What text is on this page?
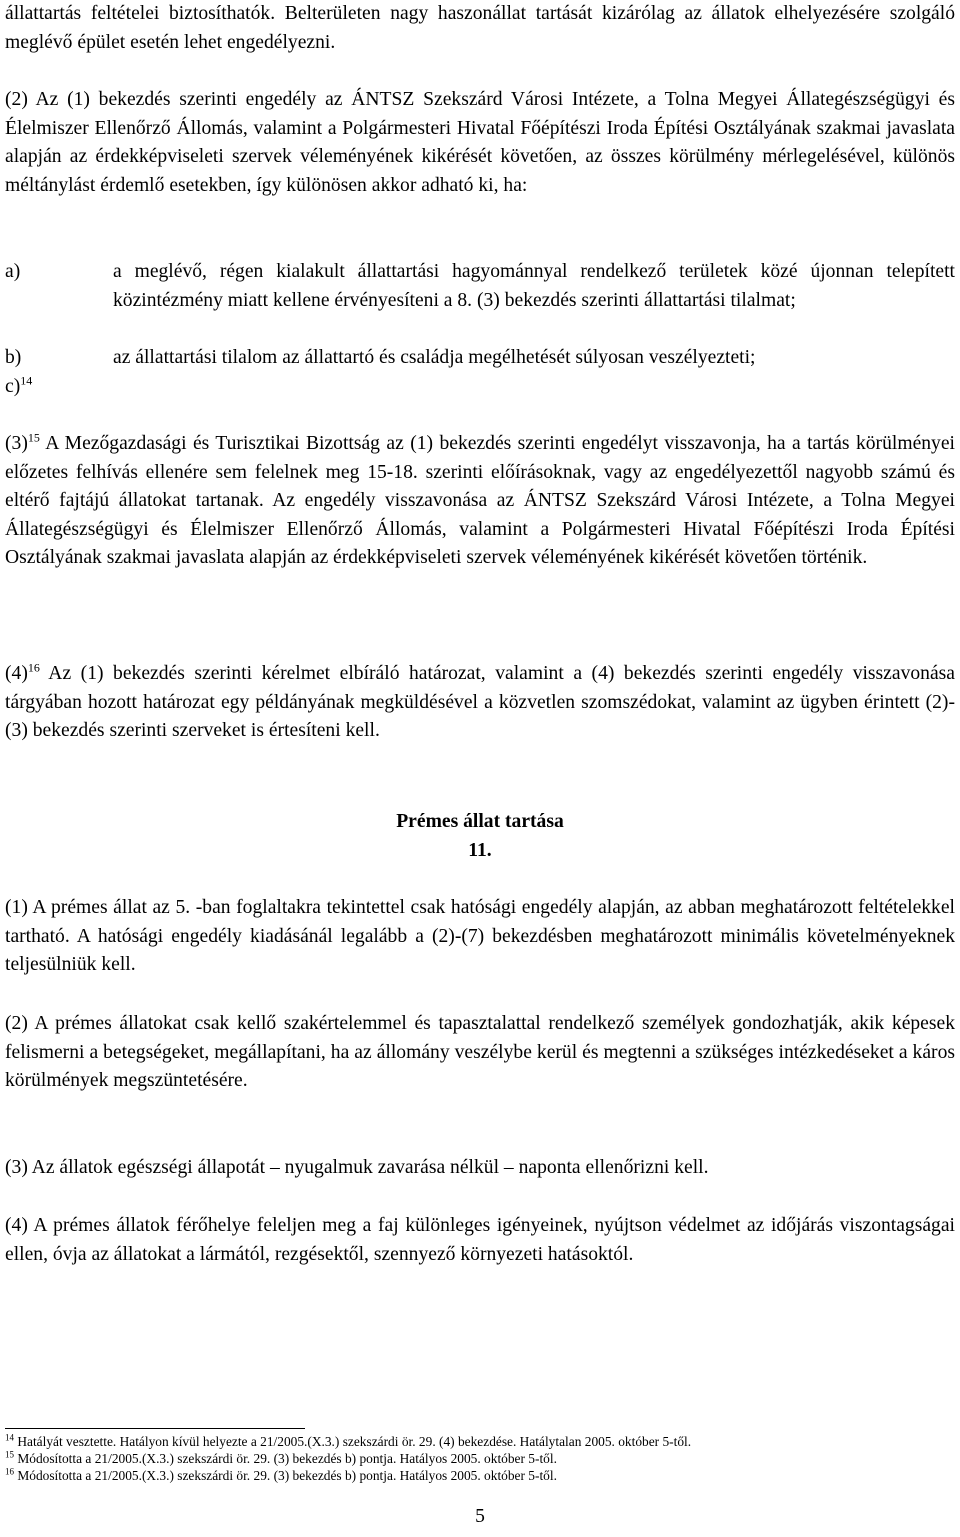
állattartás feltételei biztosíthatók. Belterületen nagy haszonállat tartását kizárólag az állatok elhelyezésére szolgáló meglévő épület esetén lehet engedélyezni.

(2) Az (1) bekezdés szerinti engedély az ÁNTSZ Szekszárd Városi Intézete, a Tolna Megyei Állategészségügyi és Élelmiszer Ellenőrző Állomás, valamint a Polgármesteri Hivatal Főépítészi Iroda Építési Osztályának szakmai javaslata alapján az érdekképviseleti szervek véleményének kikérését követően, az összes körülmény mérlegelésével, különös méltánylást érdemlő esetekben, így különösen akkor adható ki, ha:

a)	a meglévő, régen kialakult állattartási hagyománnyal rendelkező területek közé újonnan telepített közintézmény miatt kellene érvényesíteni a 8. (3) bekezdés szerinti állattartási tilalmat;
b)	az állattartási tilalom az állattartó és családja megélhetését súlyosan veszélyezteti;
c)$^{14}$

$(3)^{15}$ A Mezőgazdasági és Turisztikai Bizottság az (1) bekezdés szerinti engedélyt visszavonja, ha a tartás körülményei előzetes felhívás ellenére sem felelnek meg 15-18. szerinti előírásoknak, vagy az engedélyezettől nagyobb számú és eltérő fajtájú állatokat tartanak. Az engedély visszavonása az ÁNTSZ Szekszárd Városi Intézete, a Tolna Megyei Állategészségügyi és Élelmiszer Ellenőrző Állomás, valamint a Polgármesteri Hivatal Főépítészi Iroda Építési Osztályának szakmai javaslata alapján az érdekképviseleti szervek véleményének kikérését követően történik.

$(4)^{16}$ Az (1) bekezdés szerinti kérelmet elbíráló határozat, valamint a (4) bekezdés szerinti engedély visszavonása tárgyában hozott határozat egy példányának megküldésével a közvetlen szomszédokat, valamint az ügyben érintett (2)-(3) bekezdés szerinti szerveket is értesíteni kell.

Prémes állat tartása
11.

(1) A prémes állat az 5. -ban foglaltakra tekintettel csak hatósági engedély alapján, az abban meghatározott feltételekkel tartható. A hatósági engedély kiadásánál legalább a (2)-(7) bekezdésben meghatározott minimális követelményeknek teljesülniük kell.

(2) A prémes állatokat csak kellő szakértelemmel és tapasztalattal rendelkező személyek gondozhatják, akik képesek felismerni a betegségeket, megállapítani, ha az állomány veszélybe kerül és megtenni a szükséges intézkedéseket a káros körülmények megszüntetésére.

(3) Az állatok egészségi állapotát – nyugalmuk zavarása nélkül – naponta ellenőrizni kell.

(4) A prémes állatok férőhelye feleljen meg a faj különleges igényeinek, nyújtson védelmet az időjárás viszontagságai ellen, óvja az állatokat a lármától, rezgésektől, szennyező környezeti hatásoktól.

$^{14}$ Hatályát vesztette. Hatályon kívül helyezte a 21/2005.(X.3.) szekszárdi ör. 29. (4) bekezdése. Hatálytalan 2005. október 5-től.
$^{15}$ Módosította a 21/2005.(X.3.) szekszárdi ör. 29. (3) bekezdés b) pontja. Hatályos 2005. október 5-től.
$^{16}$ Módosította a 21/2005.(X.3.) szekszárdi ör. 29. (3) bekezdés b) pontja. Hatályos 2005. október 5-től.
5
